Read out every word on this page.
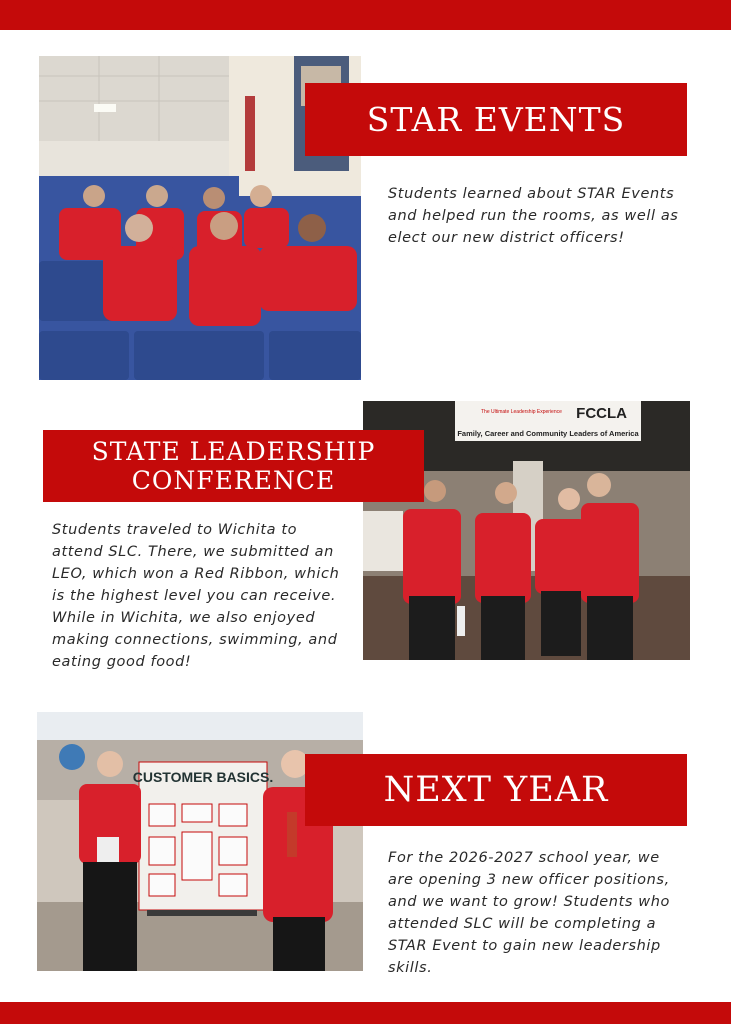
STAR EVENTS
Students learned about STAR Events and helped run the rooms, as well as elect our new district officers!
FCCLA
The Ultimate Leadership Experience
Family, Career and Community Leaders of America
STATE LEADERSHIP
CONFERENCE
Students traveled to Wichita to attend SLC. There, we submitted an LEO, which won a Red Ribbon, which is the highest level you can receive. While in Wichita, we also enjoyed making connections, swimming, and eating good food!
CUSTOMER BASICS.	NEXT YEAR
For the 2026-2027 school year, we are opening 3 new officer positions, and we want to grow! Students who attended SLC will be completing a STAR Event to gain new leadership skills.
